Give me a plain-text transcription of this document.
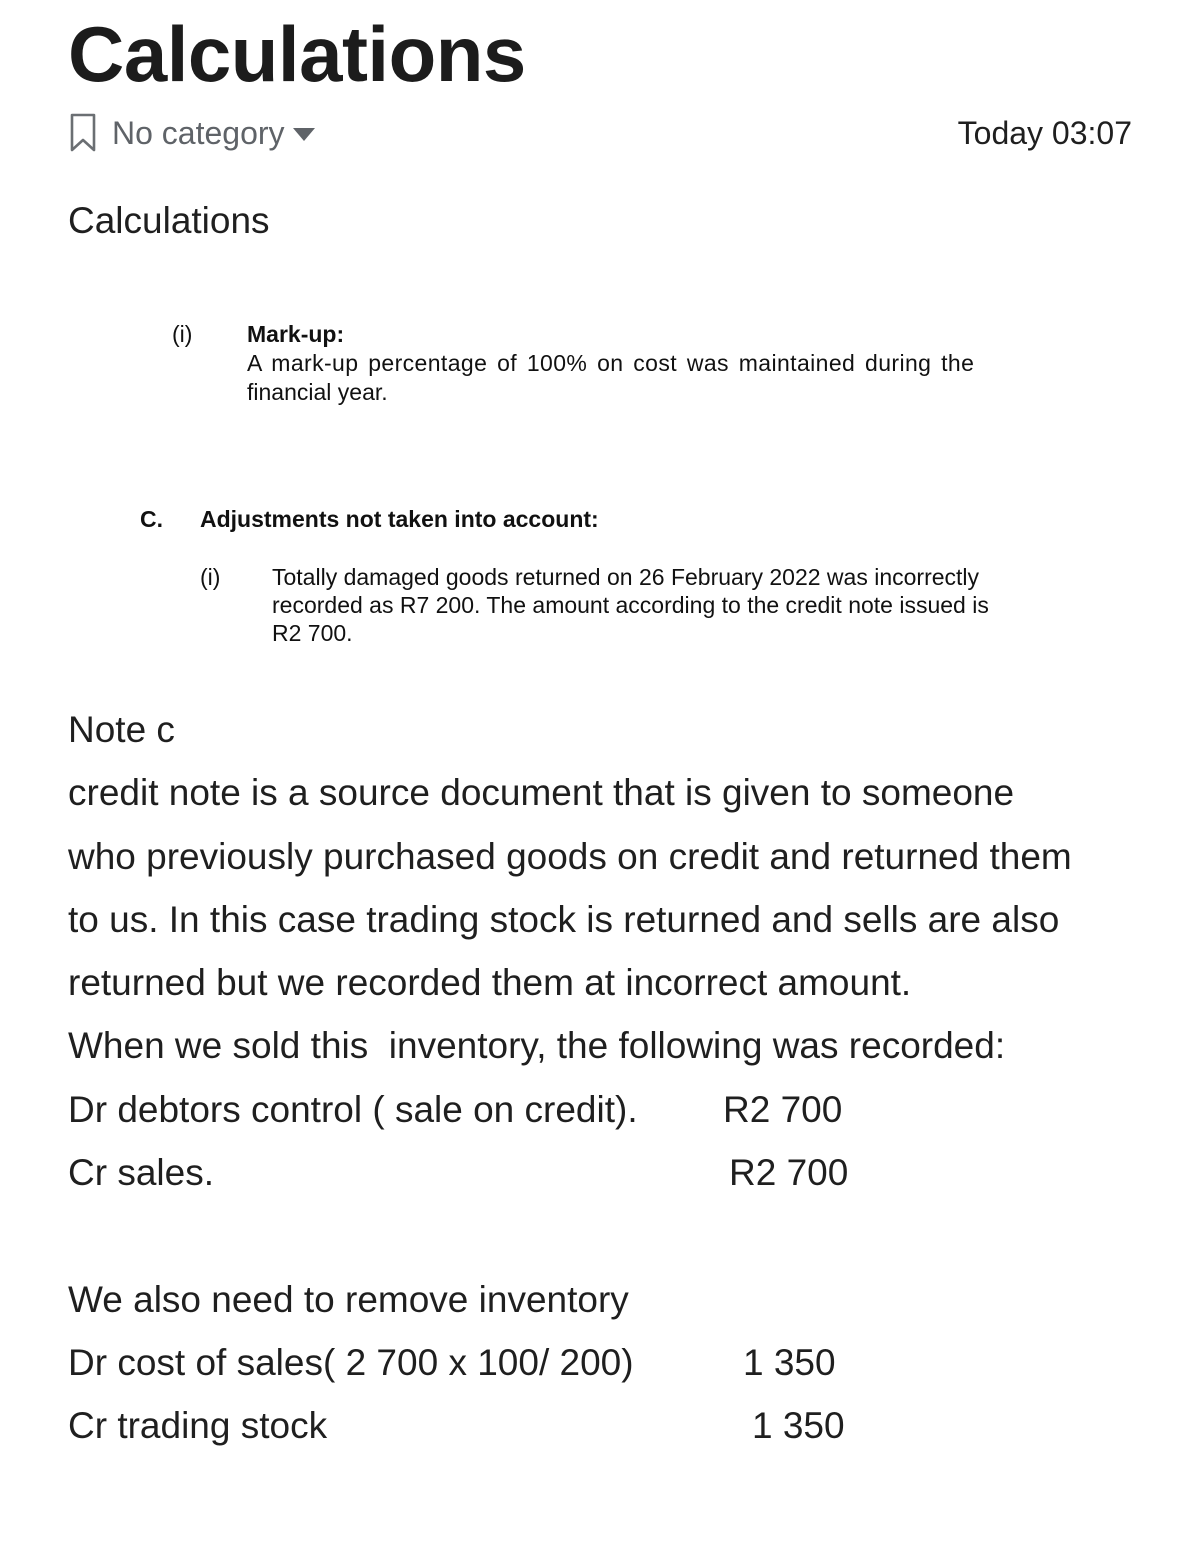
Calculations
No category	Today 03:07
Calculations
(i) Mark-up:
A mark-up percentage of 100% on cost was maintained during the
financial year.
C. Adjustments not taken into account:
(i) Totally damaged goods returned on 26 February 2022 was incorrectly
recorded as R7 200. The amount according to the credit note issued is
R2 700.
Note c
credit note is a source document that is given to someone
who previously purchased goods on credit and returned them
to us. In this case trading stock is returned and sells are also
returned but we recorded them at incorrect amount.
When we sold this  inventory, the following was recorded:
Dr debtors control ( sale on credit). R2 700
Cr sales.	R2 700
We also need to remove inventory
Dr cost of sales( 2 700 x 100/ 200)	1 350
Cr trading stock	1 350
